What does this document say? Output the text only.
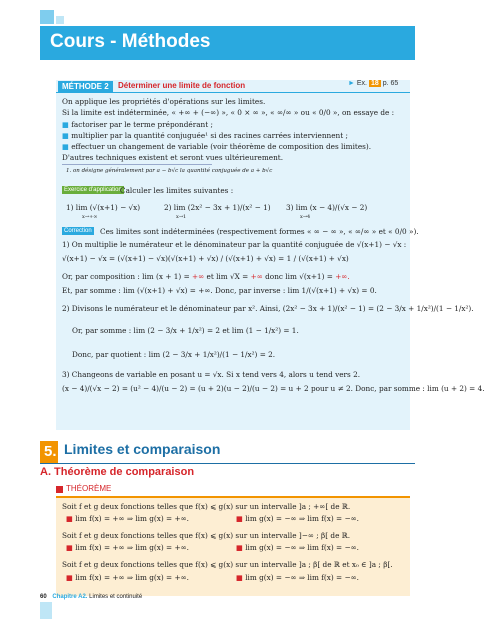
Cours - Méthodes
MÉTHODE 2	Déterminer une limite de fonction	► Ex. 18 p. 65
On applique les propriétés d'opérations sur les limites.
Si la limite est indéterminée, « +∞ + (−∞) », « 0 × ∞ », « ∞/∞ » ou « 0/0 », on essaye de :
■ factoriser par le terme prépondérant ;
■ multiplier par la quantité conjuguée¹ si des racines carrées interviennent ;
■ effectuer un changement de variable (voir théorème de composition des limites).
D'autres techniques existent et seront vues ultérieurement.
1. on désigne généralement par a − b√c la quantité conjuguée de a + b√c
Exercice d'application
Calculer les limites suivantes :
1) lim (√(x+1) − √x)
x→+∞
2) lim (2x² − 3x + 1)/(x² − 1)
x→1
3) lim (x − 4)/(√x − 2)
x→4
Correction Ces limites sont indéterminées (respectivement formes « ∞ − ∞ », « ∞/∞ » et « 0/0 »).
1) On multiplie le numérateur et le dénominateur par la quantité conjuguée de √(x+1) − √x :
√(x+1) − √x = (√(x+1) − √x)(√(x+1) + √x) / (√(x+1) + √x) = 1 / (√(x+1) + √x)
Or, par composition : lim (x + 1) = +∞ et lim √X = +∞ donc lim √(x+1) = +∞.
Et, par somme : lim (√(x+1) + √x) = +∞. Donc, par inverse : lim 1/(√(x+1) + √x) = 0.
2) Divisons le numérateur et le dénominateur par x². Ainsi, (2x² − 3x + 1)/(x² − 1) = (2 − 3/x + 1/x²)/(1 − 1/x²).
Or, par somme : lim (2 − 3/x + 1/x²) = 2 et lim (1 − 1/x²) = 1.
Donc, par quotient : lim (2 − 3/x + 1/x²)/(1 − 1/x²) = 2.
3) Changeons de variable en posant u = √x. Si x tend vers 4, alors u tend vers 2.
(x − 4)/(√x − 2) = (u² − 4)/(u − 2) = (u + 2)(u − 2)/(u − 2) = u + 2 pour u ≠ 2. Donc, par somme : lim (u + 2) = 4.
5. Limites et comparaison
A. Théorème de comparaison
THÉORÈME
Soit f et g deux fonctions telles que f(x) ⩽ g(x) sur un intervalle ]a ; +∞[ de ℝ.
■ lim f(x) = +∞ ⇒ lim g(x) = +∞.	■ lim g(x) = −∞ ⇒ lim f(x) = −∞.
Soit f et g deux fonctions telles que f(x) ⩽ g(x) sur un intervalle ]−∞ ; β[ de ℝ.
■ lim f(x) = +∞ ⇒ lim g(x) = +∞.	■ lim g(x) = −∞ ⇒ lim f(x) = −∞.
Soit f et g deux fonctions telles que f(x) ⩽ g(x) sur un intervalle ]a ; β[ de ℝ et x₀ ∈ ]a ; β[.
■ lim f(x) = +∞ ⇒ lim g(x) = +∞.	■ lim g(x) = −∞ ⇒ lim f(x) = −∞.
60 Chapitre A2. Limites et continuité
